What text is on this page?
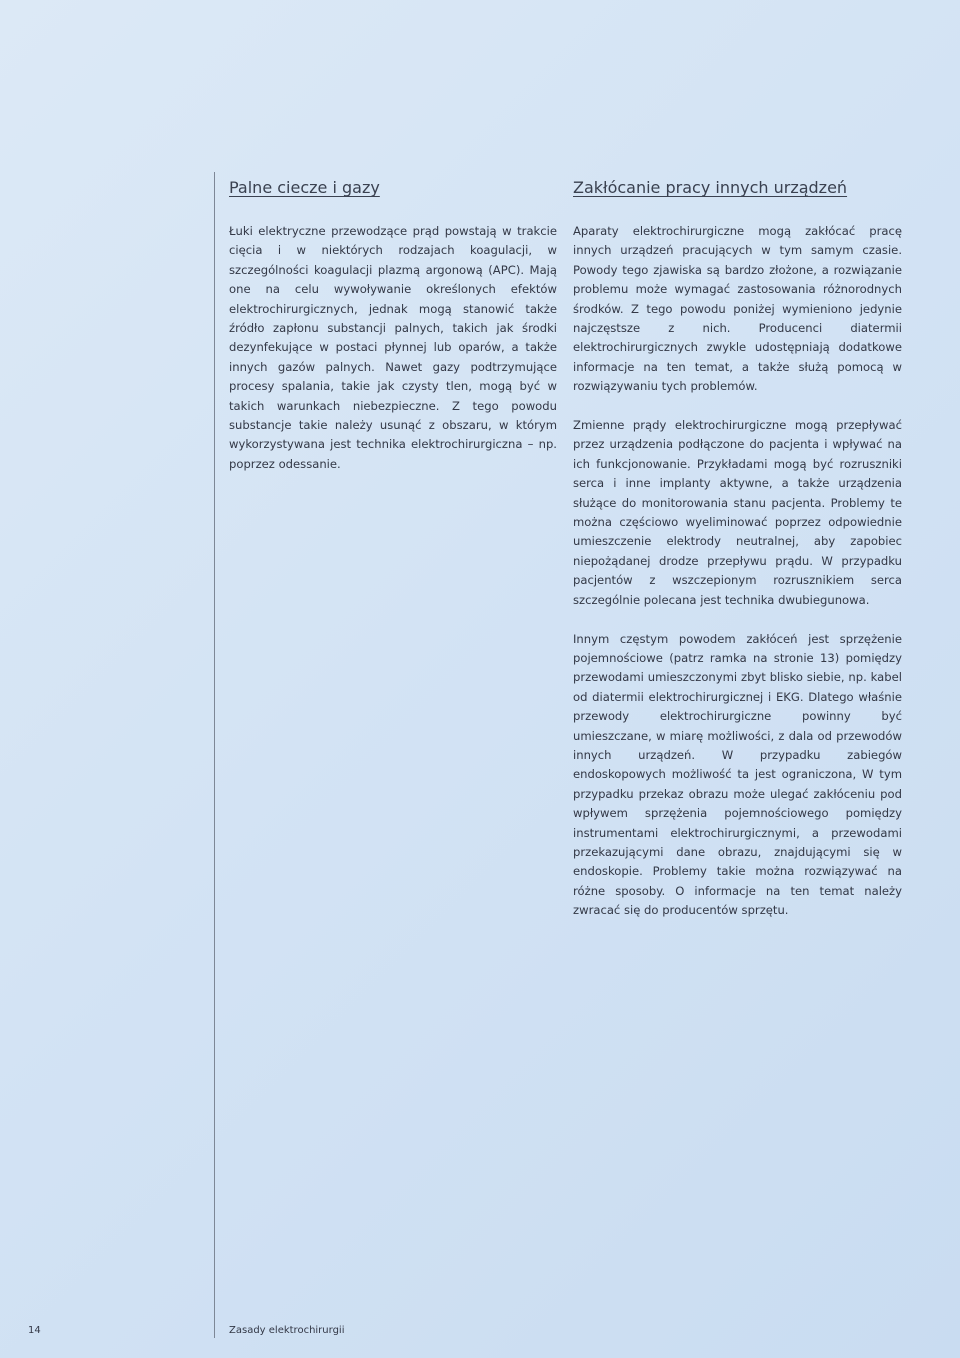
Palne ciecze i gazy

Łuki elektryczne przewodzące prąd powstają w trakcie cięcia i w niektórych rodzajach koagulacji, w szczególności koagulacji plazmą argonową (APC). Mają one na celu wywoływanie określonych efektów elektrochirurgicznych, jednak mogą stanowić także źródło zapłonu substancji palnych, takich jak środki dezynfekujące w postaci płynnej lub oparów, a także innych gazów palnych. Nawet gazy podtrzymujące procesy spalania, takie jak czysty tlen, mogą być w takich warunkach niebezpieczne. Z tego powodu substancje takie należy usunąć z obszaru, w którym wykorzystywana jest technika elektrochirurgiczna – np. poprzez odessanie.

Zakłócanie pracy innych urządzeń

Aparaty elektrochirurgiczne mogą zakłócać pracę innych urządzeń pracujących w tym samym czasie. Powody tego zjawiska są bardzo złożone, a rozwiązanie problemu może wymagać zastosowania różnorodnych środków. Z tego powodu poniżej wymieniono jedynie najczęstsze z nich. Producenci diatermii elektrochirurgicznych zwykle udostępniają dodatkowe informacje na ten temat, a także służą pomocą w rozwiązywaniu tych problemów.

Zmienne prądy elektrochirurgiczne mogą przepływać przez urządzenia podłączone do pacjenta i wpływać na ich funkcjonowanie. Przykładami mogą być rozruszniki serca i inne implanty aktywne, a także urządzenia służące do monitorowania stanu pacjenta. Problemy te można częściowo wyeliminować poprzez odpowiednie umieszczenie elektrody neutralnej, aby zapobiec niepożądanej drodze przepływu prądu. W przypadku pacjentów z wszczepionym rozrusznikiem serca szczególnie polecana jest technika dwubiegunowa.

Innym częstym powodem zakłóceń jest sprzężenie pojemnościowe (patrz ramka na stronie 13) pomiędzy przewodami umieszczonymi zbyt blisko siebie, np. kabel od diatermii elektrochirurgicznej i EKG. Dlatego właśnie przewody elektrochirurgiczne powinny być umieszczane, w miarę możliwości, z dala od przewodów innych urządzeń. W przypadku zabiegów endoskopowych możliwość ta jest ograniczona, W tym przypadku przekaz obrazu może ulegać zakłóceniu pod wpływem sprzężenia pojemnościowego pomiędzy instrumentami elektrochirurgicznymi, a przewodami przekazującymi dane obrazu, znajdującymi się w endoskopie. Problemy takie można rozwiązywać na różne sposoby. O informacje na ten temat należy zwracać się do producentów sprzętu.

14	Zasady elektrochirurgii
